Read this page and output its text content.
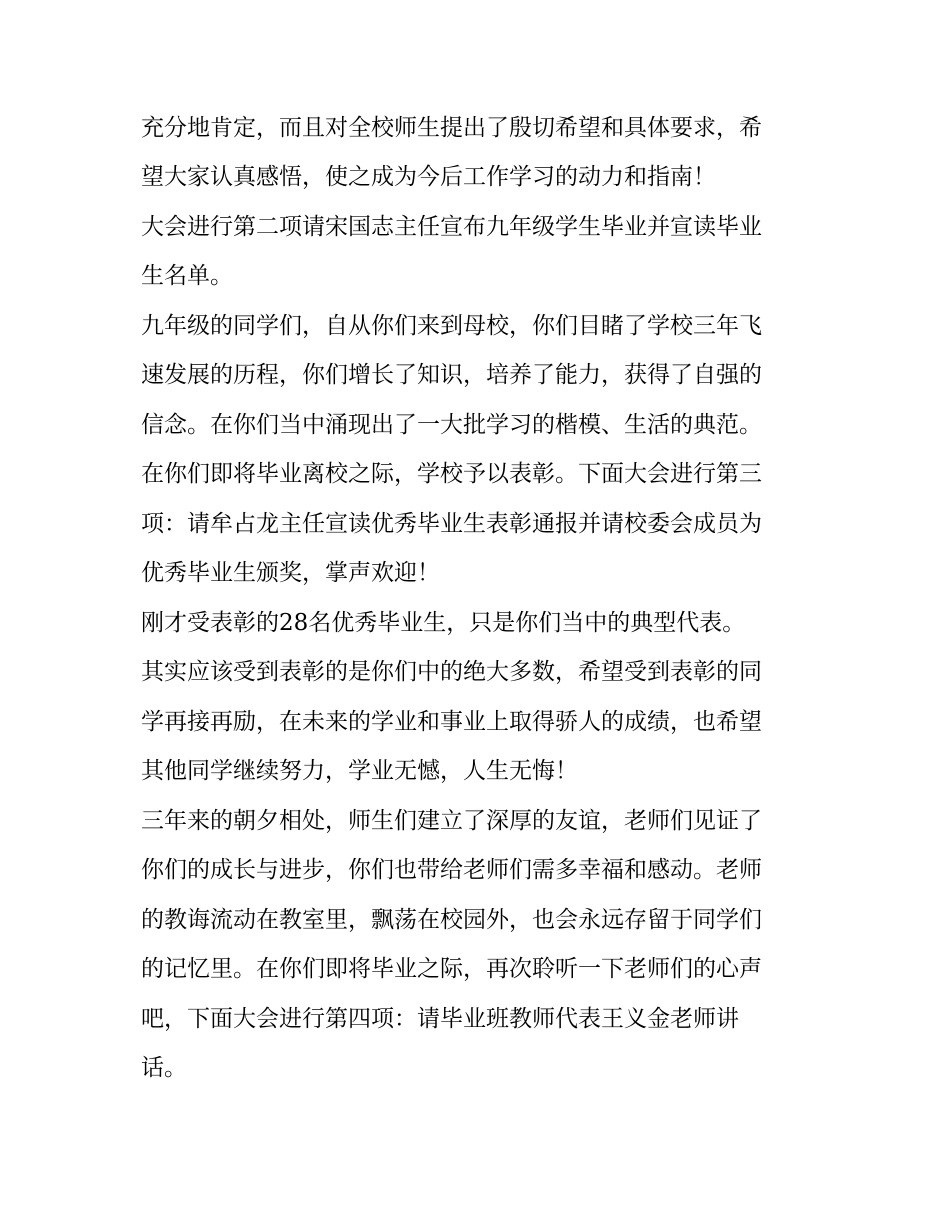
充分地肯定，而且对全校师生提出了殷切希望和具体要求，希
望大家认真感悟，使之成为今后工作学习的动力和指南！
大会进行第二项请宋国志主任宣布九年级学生毕业并宣读毕业
生名单。
九年级的同学们，自从你们来到母校，你们目睹了学校三年飞
速发展的历程，你们增长了知识，培养了能力，获得了自强的
信念。在你们当中涌现出了一大批学习的楷模、生活的典范。
在你们即将毕业离校之际，学校予以表彰。下面大会进行第三
项：请牟占龙主任宣读优秀毕业生表彰通报并请校委会成员为
优秀毕业生颁奖，掌声欢迎！
刚才受表彰的28名优秀毕业生，只是你们当中的典型代表。
其实应该受到表彰的是你们中的绝大多数，希望受到表彰的同
学再接再励，在未来的学业和事业上取得骄人的成绩，也希望
其他同学继续努力，学业无憾，人生无悔！
三年来的朝夕相处，师生们建立了深厚的友谊，老师们见证了
你们的成长与进步，你们也带给老师们需多幸福和感动。老师
的教诲流动在教室里，飘荡在校园外，也会永远存留于同学们
的记忆里。在你们即将毕业之际，再次聆听一下老师们的心声
吧，下面大会进行第四项：请毕业班教师代表王义金老师讲
话。
